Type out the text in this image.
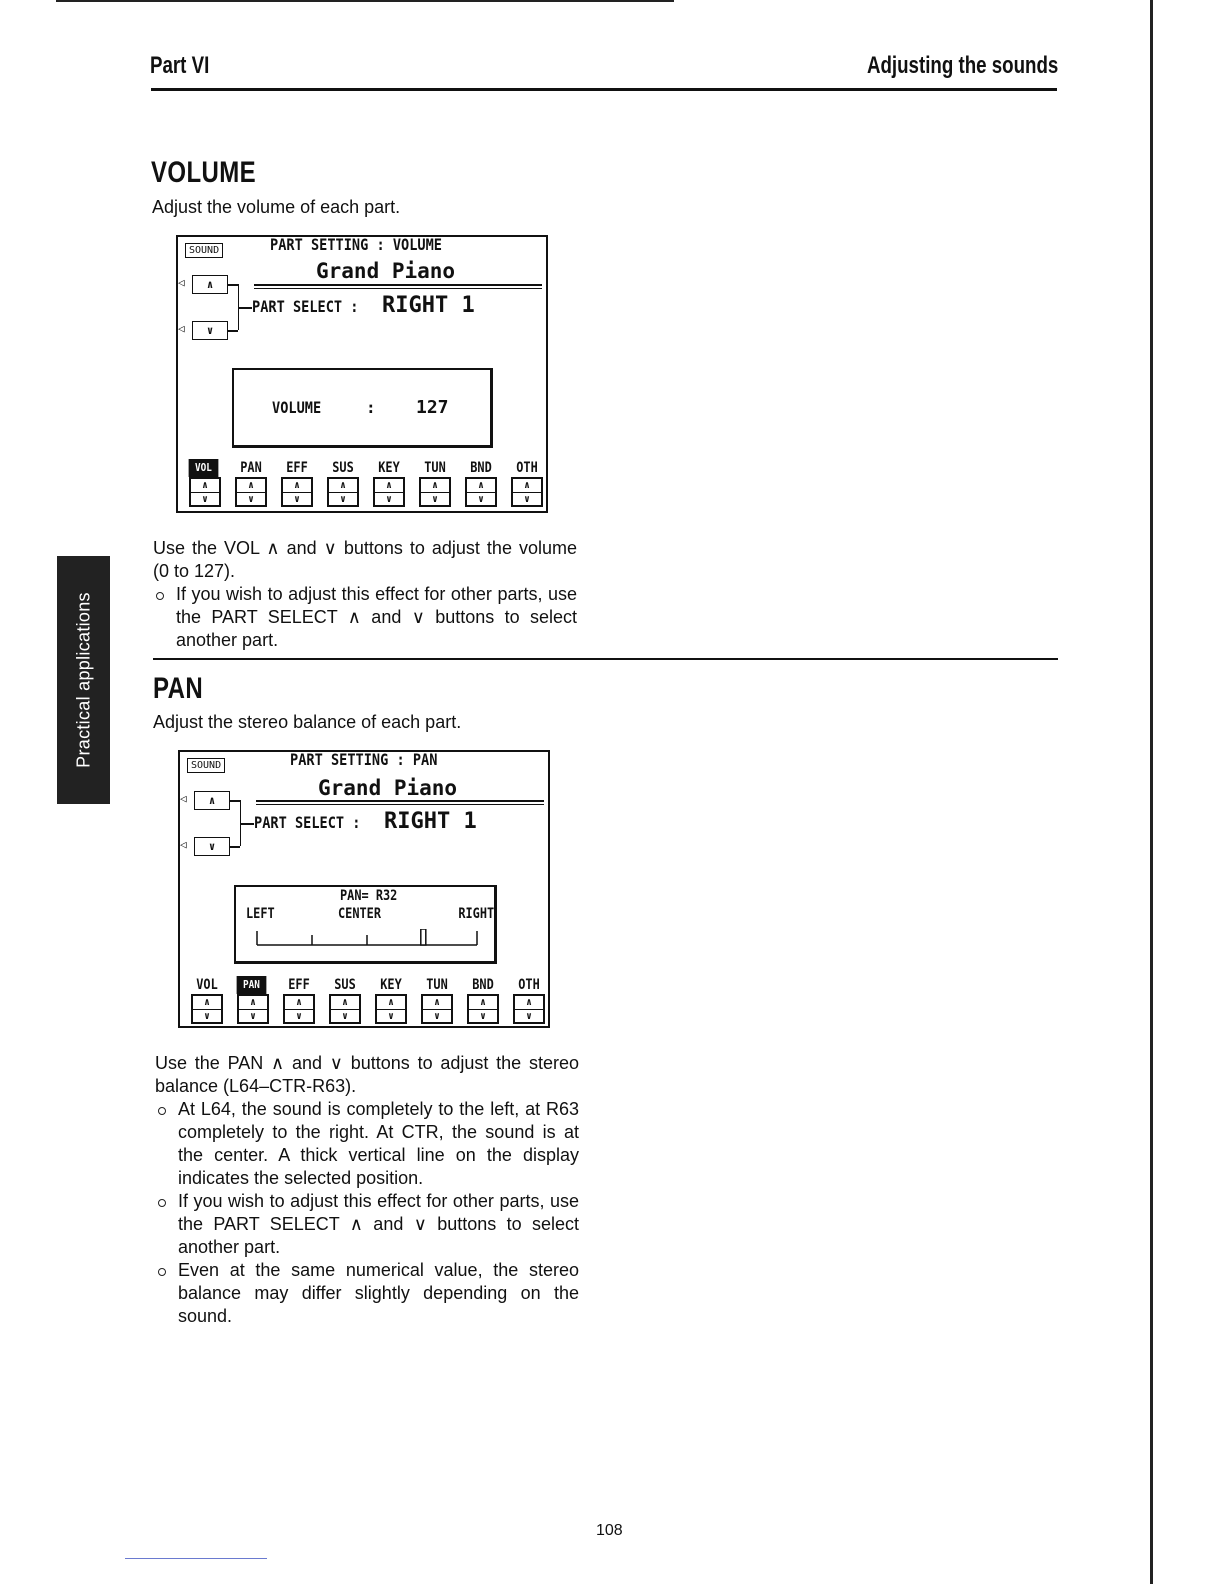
Part VI	Adjusting the sounds
Practical applications
VOLUME
Adjust the volume of each part.
SOUND	PART SETTING : VOLUME
Grand Piano
◁	∧
◁	∨
PART SELECT : RIGHT 1
VOLUME	: 127
VOL
∧
∨
PAN
∧
∨
EFF
∧
∨
SUS
∧
∨
KEY
∧
∨
TUN
∧
∨
BND
∧
∨
OTH
∧
∨
Use the VOL ∧ and ∨ buttons to adjust the volume (0 to 127).
If you wish to adjust this effect for other parts, use the PART SELECT ∧ and ∨ buttons to select another part.
PAN
Adjust the stereo balance of each part.
SOUND	PART SETTING : PAN
Grand Piano
◁	∧
◁	∨
PART SELECT : RIGHT 1
PAN= R32
LEFT	CENTER	RIGHT
VOL
∧
∨
PAN
∧
∨
EFF
∧
∨
SUS
∧
∨
KEY
∧
∨
TUN
∧
∨
BND
∧
∨
OTH
∧
∨
Use the PAN ∧ and ∨ buttons to adjust the stereo balance (L64–CTR-R63).
At L64, the sound is completely to the left, at R63 completely to the right. At CTR, the sound is at the center. A thick vertical line on the display indicates the selected position.
If you wish to adjust this effect for other parts, use the PART SELECT ∧ and ∨ buttons to select another part.
Even at the same numerical value, the stereo balance may differ slightly depending on the sound.
108
